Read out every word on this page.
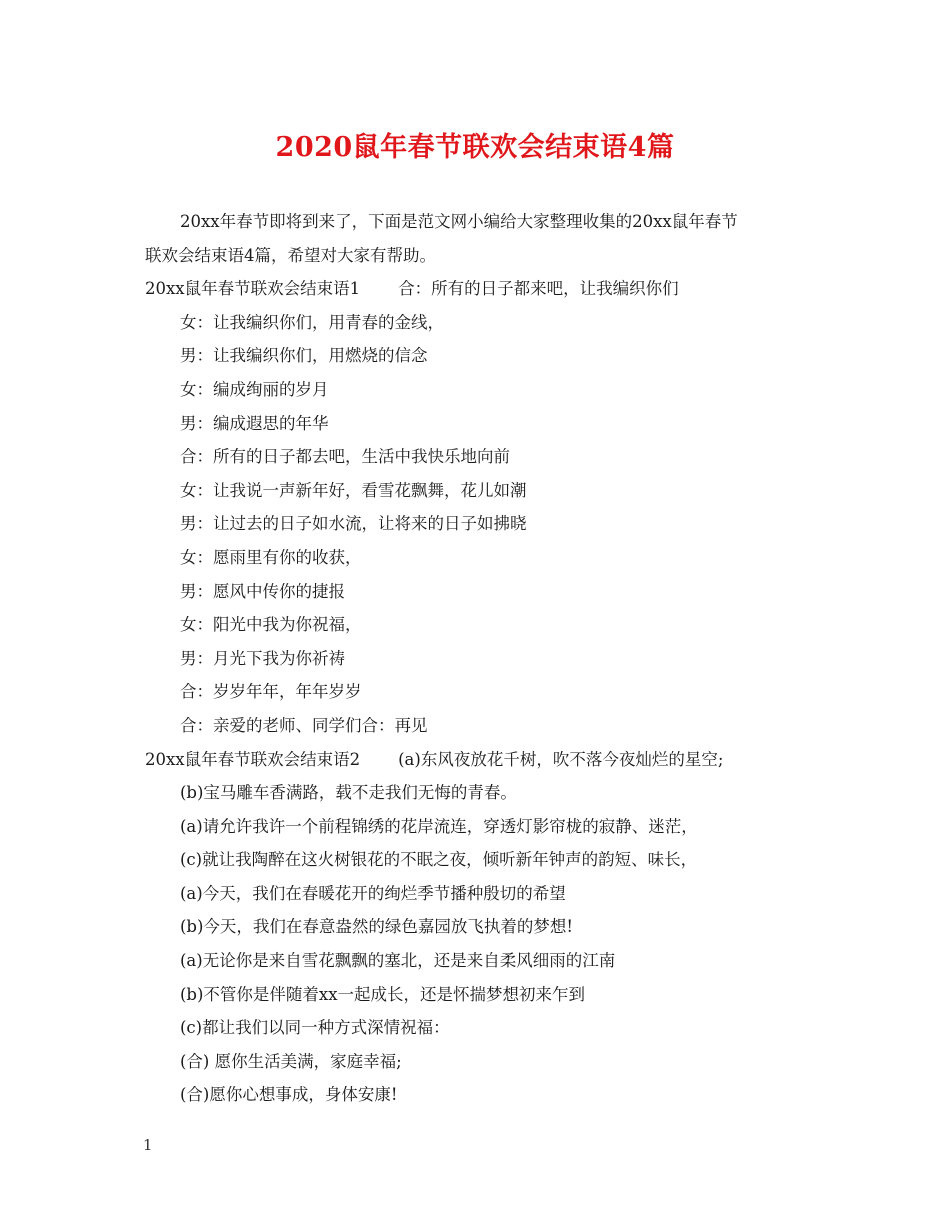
2020鼠年春节联欢会结束语4篇
20xx年春节即将到来了，下面是范文网小编给大家整理收集的20xx鼠年春节
联欢会结束语4篇，希望对大家有帮助。
20xx鼠年春节联欢会结束语1 合：所有的日子都来吧，让我编织你们
女：让我编织你们，用青春的金线，
男：让我编织你们，用燃烧的信念
女：编成绚丽的岁月
男：编成遐思的年华
合：所有的日子都去吧，生活中我快乐地向前
女：让我说一声新年好，看雪花飘舞，花儿如潮
男：让过去的日子如水流，让将来的日子如拂晓
女：愿雨里有你的收获，
男：愿风中传你的捷报
女：阳光中我为你祝福，
男：月光下我为你祈祷
合：岁岁年年，年年岁岁
合：亲爱的老师、同学们合：再见
20xx鼠年春节联欢会结束语2 (a)东风夜放花千树，吹不落今夜灿烂的星空;
(b)宝马雕车香满路，载不走我们无悔的青春。
(a)请允许我许一个前程锦绣的花岸流连，穿透灯影帘栊的寂静、迷茫，
(c)就让我陶醉在这火树银花的不眠之夜，倾听新年钟声的韵短、味长，
(a)今天，我们在春暖花开的绚烂季节播种殷切的希望
(b)今天，我们在春意盎然的绿色嘉园放飞执着的梦想!
(a)无论你是来自雪花飘飘的塞北，还是来自柔风细雨的江南
(b)不管你是伴随着xx一起成长，还是怀揣梦想初来乍到
(c)都让我们以同一种方式深情祝福：
(合) 愿你生活美满，家庭幸福;
(合)愿你心想事成，身体安康!
1
